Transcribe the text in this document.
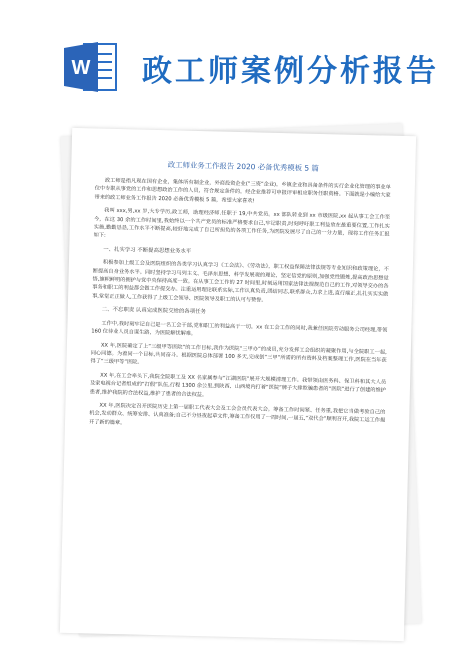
W 政工师案例分析报告
政工师业务工作报告 2020 必备优秀模板 5 篇

政工师是指凡现在国有企业，集体所有制企业，外商投资企业(“三资”企业)，乡镇企业和具备条件的实行企业化管理的事业单位中专职从事党的工作和思想政治工作的人员，符合规定条件的，经企业推荐可申报评审相应职务任职资格。下面就是小编给大家带来的政工师业务工作报告 2020 必备优秀模板 5 篇，希望大家喜欢!

我叫 xxx,男,xx 岁,大专学历,政工师，助理经济师.任职于 19,中共党员。xx 部队转业到 xx 市级医院,xx 起从事工会工作至今，在这 30 余的工作时间里,我始终以一个共产党员的标准严格要求自己,牢记职责,时刻呼吁职工利益放在最重要位置,工作扎实实施,勤勤恳恳,工作水平不断提高,较好地完成了自己所担负的各项工作任务,为医院发展尽了自己的一分力量，现将工作任务汇报如下:

一、扎实学习 不断提高思想业务水平

积极参加上级工会及医院组织的各类学习认真学习《工会法》、《劳动法》，职工权益保障法律法规等专业知识和政策理论，不断提高自身业务水平。同时坚持学习马列主义、毛泽东思想、科学发展观的理论，坚定信党的原则,加强党性锻炼,提高政治思想觉悟,旗帜鲜明的拥护与党中央保持高度一致。在从事工会工作的 27 时间里,时刻运用国家法律法规规范自己的工作,对领导交办的各事务和职工的利益都会做工作提交办。注重运用理论联系实际,工作认真负责,团结同志,联系群众,力求上进,直行端正,扎扎实实实做事,堂堂正正做人,工作获得了上级工会领导、医院领导及职工的认可与赞誉。

二、不忘职责 认真完成医院交给的各项任务

工作中,我时刻牢记自己是一名工会干部,党和职工的利益高于一切。xx 在工会工作的同时,我兼任医院劳动服务公司经理,带领 160 位待业人员自谋生路，为医院解忧解难。

XX 年,医院确定了上“三级甲等医院”的工作目标,我作为医院“三甲办”的成员,充分发挥工会组织的凝聚作用,与全院职工一起,同心同德。为着同一个目标,共同奋斗。根据医院总体部署 100 多天,完成创“三甲”所需的所有资料及档案整理工作,医院在当年获得了“三级甲等”医院。

XX 年,在工会牵头下,我院全院职工及 XX 名家属参与“江湖医院”展开大规模清理工作。我带领由医务科、保卫科和其大人员及家电视台记者组成的“打假”队伍,行程 1300 余公里,到陕西、山西境内打着“医院”牌子大肆欺骗患者的“医院”进行了创建的维护患者,维护我院的合法权益,维护了患者的合法权益。

XX 年,医院决定召开医院历史上第一届职工代表大会及工会会员代表大会。筹备工作时间紧、任务重,我把它当做考验自己的机会,发动群众、统筹安排、认真准备;自己不分昼夜起草文件,筹备工作仅用了一周时间,一届五,“双代会”顺利召开,我院工运工作揭开了新的篇章。
